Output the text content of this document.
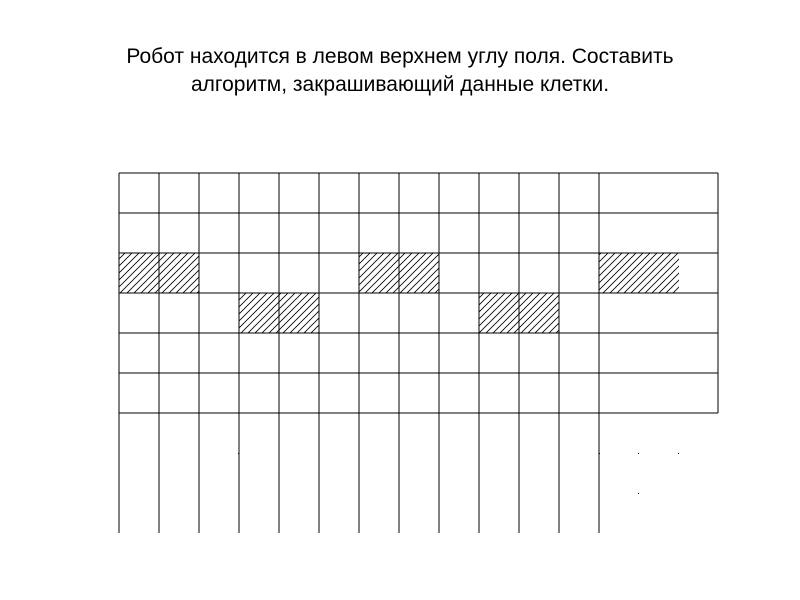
Робот находится в левом верхнем углу поля. Составить
алгоритм, закрашивающий данные клетки.
